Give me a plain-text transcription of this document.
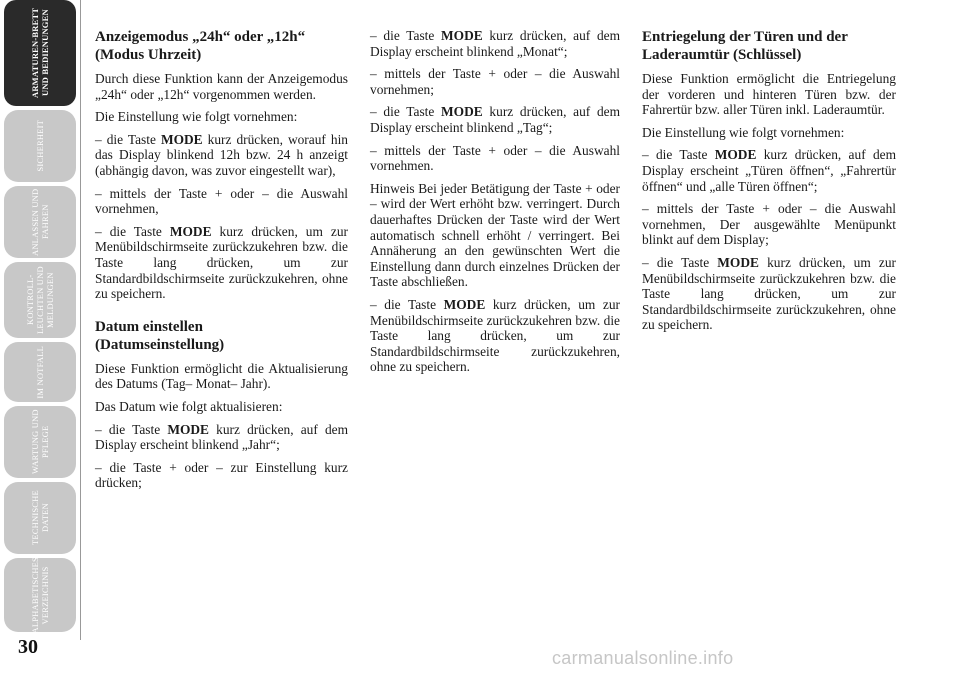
ARMATUREN-BRETT UND BEDIENUNGEN
SICHERHEIT
ANLASSEN UND FAHREN
KONTROLL-LEUCHTEN UND MELDUNGEN
IM NOTFALL
WARTUNG UND PFLEGE
TECHNISCHE DATEN
ALPHABETISCHES VERZEICHNIS
30
Anzeigemodus „24h“ oder „12h“
(Modus Uhrzeit)

Durch diese Funktion kann der Anzeigemodus „24h“ oder „12h“ vorgenommen werden.

Die Einstellung wie folgt vornehmen:

– die Taste MODE kurz drücken, worauf hin das Display blinkend 12h bzw. 24 h anzeigt (abhängig davon, was zuvor eingestellt war),

– mittels der Taste + oder – die Auswahl vornehmen,

– die Taste MODE kurz drücken, um zur Menübildschirmseite zurückzukehren bzw. die Taste lang drücken, um zur Standardbildschirmseite zurückzukehren, ohne zu speichern.

Datum einstellen
(Datumseinstellung)

Diese Funktion ermöglicht die Aktualisierung des Datums (Tag– Monat– Jahr).

Das Datum wie folgt aktualisieren:

– die Taste MODE kurz drücken, auf dem Display erscheint blinkend „Jahr“;

– die Taste + oder – zur Einstellung kurz drücken;

– die Taste MODE kurz drücken, auf dem Display erscheint blinkend „Monat“;

– mittels der Taste + oder – die Auswahl vornehmen;

– die Taste MODE kurz drücken, auf dem Display erscheint blinkend „Tag“;

– mittels der Taste + oder – die Auswahl vornehmen.

Hinweis Bei jeder Betätigung der Taste + oder – wird der Wert erhöht bzw. verringert. Durch dauerhaftes Drücken der Taste wird der Wert automatisch schnell erhöht / verringert. Bei Annäherung an den gewünschten Wert die Einstellung dann durch einzelnes Drücken der Taste abschließen.

– die Taste MODE kurz drücken, um zur Menübildschirmseite zurückzukehren bzw. die Taste lang drücken, um zur Standardbildschirmseite zurückzukehren, ohne zu speichern.

Entriegelung der Türen und der
Laderaumtür (Schlüssel)

Diese Funktion ermöglicht die Entriegelung der vorderen und hinteren Türen bzw. der Fahrertür bzw. aller Türen inkl. Laderaumtür.

Die Einstellung wie folgt vornehmen:

– die Taste MODE kurz drücken, auf dem Display erscheint „Türen öffnen“, „Fahrertür öffnen“ und „alle Türen öffnen“;

– mittels der Taste + oder – die Auswahl vornehmen, Der ausgewählte Menüpunkt blinkt auf dem Display;

– die Taste MODE kurz drücken, um zur Menübildschirmseite zurückzukehren bzw. die Taste lang drücken, um zur Standardbildschirmseite zurückzukehren, ohne zu speichern.

carmanualsonline.info
